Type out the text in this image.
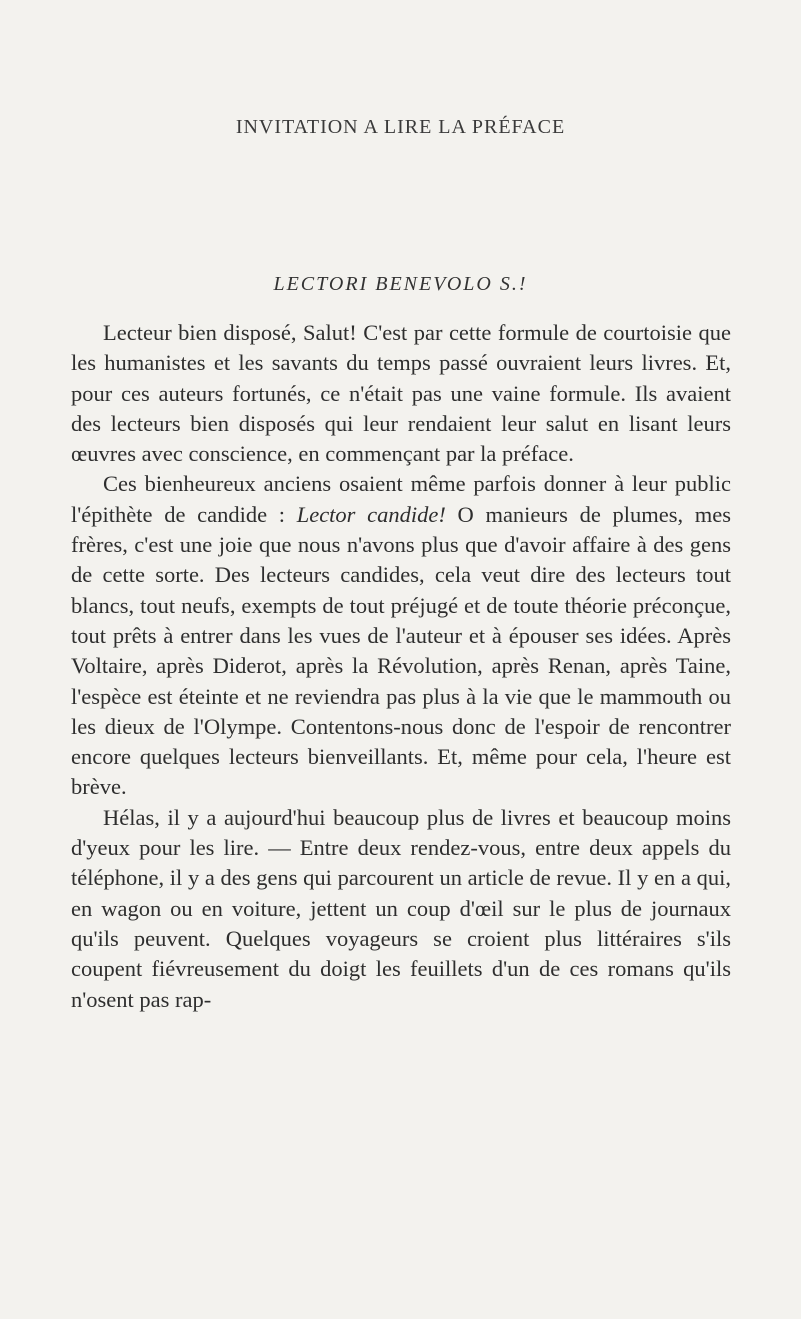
INVITATION A LIRE LA PRÉFACE
LECTORI BENEVOLO S.!

Lecteur bien disposé, Salut! C'est par cette formule de courtoisie que les humanistes et les savants du temps passé ouvraient leurs livres. Et, pour ces auteurs fortunés, ce n'était pas une vaine formule. Ils avaient des lecteurs bien disposés qui leur rendaient leur salut en lisant leurs œuvres avec conscience, en commençant par la préface.

Ces bienheureux anciens osaient même parfois donner à leur public l'épithète de candide : Lector candide! O manieurs de plumes, mes frères, c'est une joie que nous n'avons plus que d'avoir affaire à des gens de cette sorte. Des lecteurs candides, cela veut dire des lecteurs tout blancs, tout neufs, exempts de tout préjugé et de toute théorie préconçue, tout prêts à entrer dans les vues de l'auteur et à épouser ses idées. Après Voltaire, après Diderot, après la Révolution, après Renan, après Taine, l'espèce est éteinte et ne reviendra pas plus à la vie que le mammouth ou les dieux de l'Olympe. Contentons-nous donc de l'espoir de rencontrer encore quelques lecteurs bienveillants. Et, même pour cela, l'heure est brève.

Hélas, il y a aujourd'hui beaucoup plus de livres et beaucoup moins d'yeux pour les lire. — Entre deux rendez-vous, entre deux appels du téléphone, il y a des gens qui parcourent un article de revue. Il y en a qui, en wagon ou en voiture, jettent un coup d'œil sur le plus de journaux qu'ils peuvent. Quelques voyageurs se croient plus littéraires s'ils coupent fiévreusement du doigt les feuillets d'un de ces romans qu'ils n'osent pas rap-
